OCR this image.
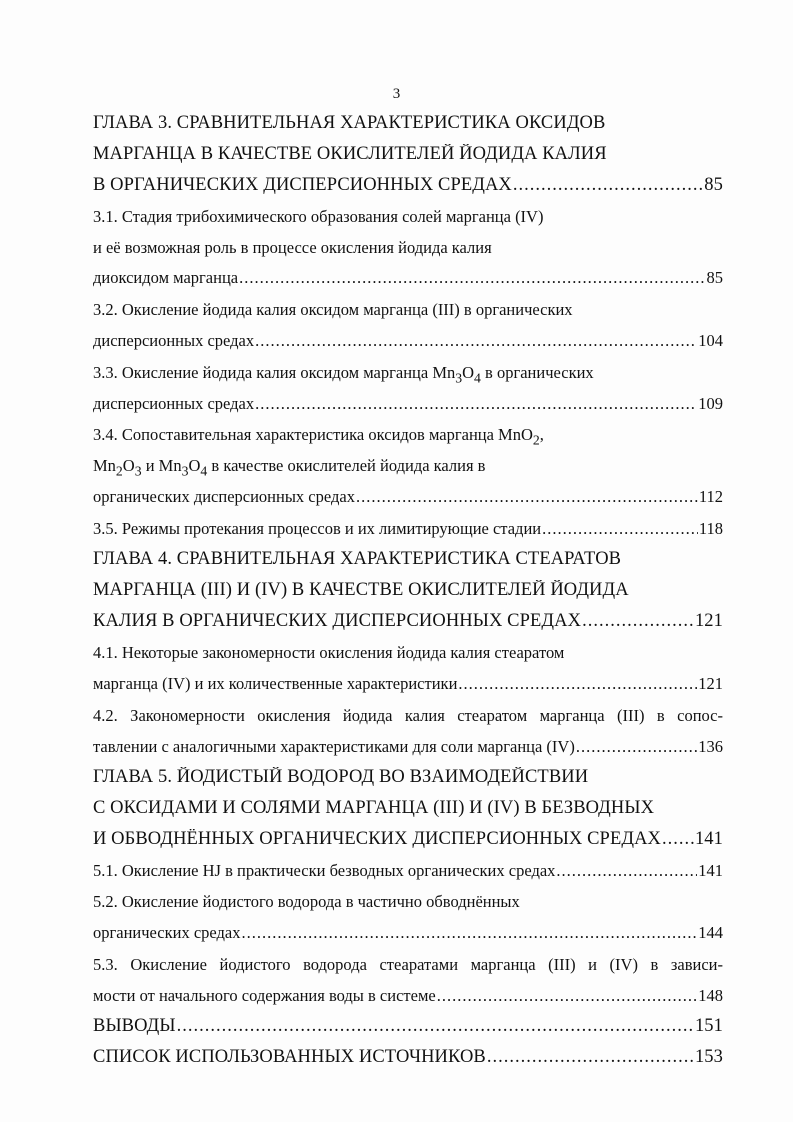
3
ГЛАВА 3. СРАВНИТЕЛЬНАЯ ХАРАКТЕРИСТИКА ОКСИДОВ
МАРГАНЦА В КАЧЕСТВЕ ОКИСЛИТЕЛЕЙ ЙОДИДА КАЛИЯ
В ОРГАНИЧЕСКИХ ДИСПЕРСИОННЫХ СРЕДАХ .....	85
3.1. Стадия трибохимического образования солей марганца (IV)
и её возможная роль в процессе окисления йодида калия
диоксидом марганца .....	85
3.2. Окисление йодида калия оксидом марганца (III) в органических
дисперсионных средах .....	104
3.3. Окисление йодида калия оксидом марганца $Mn_3O_4$ в органических
дисперсионных средах .....	109
3.4. Сопоставительная характеристика оксидов марганца MnO$_2$,
$Mn_2O_3$ и $Mn_3O_4$ в качестве окислителей йодида калия в
органических дисперсионных средах .....	112
3.5. Режимы протекания процессов и их лимитирующие стадии .....	118
ГЛАВА 4. СРАВНИТЕЛЬНАЯ ХАРАКТЕРИСТИКА СТЕАРАТОВ
МАРГАНЦА (III) И (IV) В КАЧЕСТВЕ ОКИСЛИТЕЛЕЙ ЙОДИДА
КАЛИЯ В ОРГАНИЧЕСКИХ ДИСПЕРСИОННЫХ СРЕДАХ .....	121
4.1. Некоторые закономерности окисления йодида калия стеаратом
марганца (IV) и их количественные характеристики .....	121
4.2. Закономерности окисления йодида калия стеаратом марганца (III) в сопос-
тавлении с аналогичными характеристиками для соли марганца (IV) .....	136
ГЛАВА 5. ЙОДИСТЫЙ ВОДОРОД ВО ВЗАИМОДЕЙСТВИИ
С ОКСИДАМИ И СОЛЯМИ МАРГАНЦА (III) И (IV) В БЕЗВОДНЫХ
И ОБВОДНЁННЫХ ОРГАНИЧЕСКИХ ДИСПЕРСИОННЫХ СРЕДАХ ..... 141
5.1. Окисление HJ в практически безводных органических средах .....	141
5.2. Окисление йодистого водорода в частично обводнённых
органических средах .....	144
5.3. Окисление йодистого водорода стеаратами марганца (III) и (IV) в зависи-
мости от начального содержания воды в системе .....	148
ВЫВОДЫ .....	151
СПИСОК ИСПОЛЬЗОВАННЫХ ИСТОЧНИКОВ .....	153
